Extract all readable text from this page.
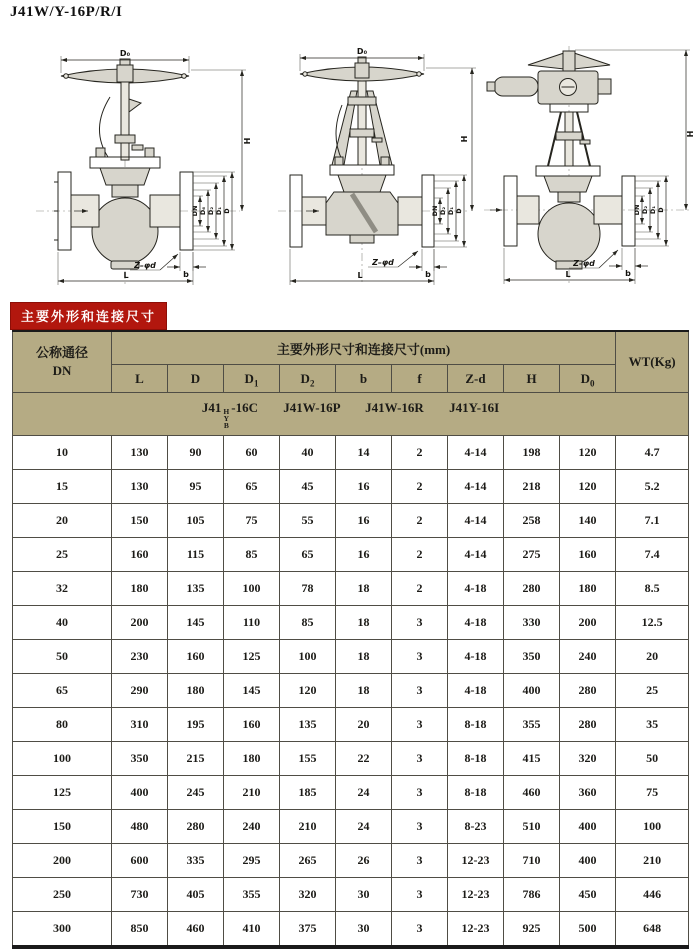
J41W/Y-16P/R/I
D₀
H
DN D₆ D₂ D₁ D
b
Z–φd
L
D₀
H
DN D₂ D₁ D
b
Z–φd
L
H
DN D₂ D₁ D
b
Z–φd
L
主要外形和连接尺寸
公称通径
DN	主要外形尺寸和连接尺寸(mm)									WT(Kg)
	L	D	$D_1$	$D_2$	b	f	Z-d	H	$D_0$
J41 H
Y
B
-16C J41W-16P J41W-16R J41Y-16I										
10	130	90	60	40	14	2	4-14	198	120	4.7
15	130	95	65	45	16	2	4-14	218	120	5.2
20	150	105	75	55	16	2	4-14	258	140	7.1
25	160	115	85	65	16	2	4-14	275	160	7.4
32	180	135	100	78	18	2	4-18	280	180	8.5
40	200	145	110	85	18	3	4-18	330	200	12.5
50	230	160	125	100	18	3	4-18	350	240	20
65	290	180	145	120	18	3	4-18	400	280	25
80	310	195	160	135	20	3	8-18	355	280	35
100	350	215	180	155	22	3	8-18	415	320	50
125	400	245	210	185	24	3	8-18	460	360	75
150	480	280	240	210	24	3	8-23	510	400	100
200	600	335	295	265	26	3	12-23	710	400	210
250	730	405	355	320	30	3	12-23	786	450	446
300	850	460	410	375	30	3	12-23	925	500	648
